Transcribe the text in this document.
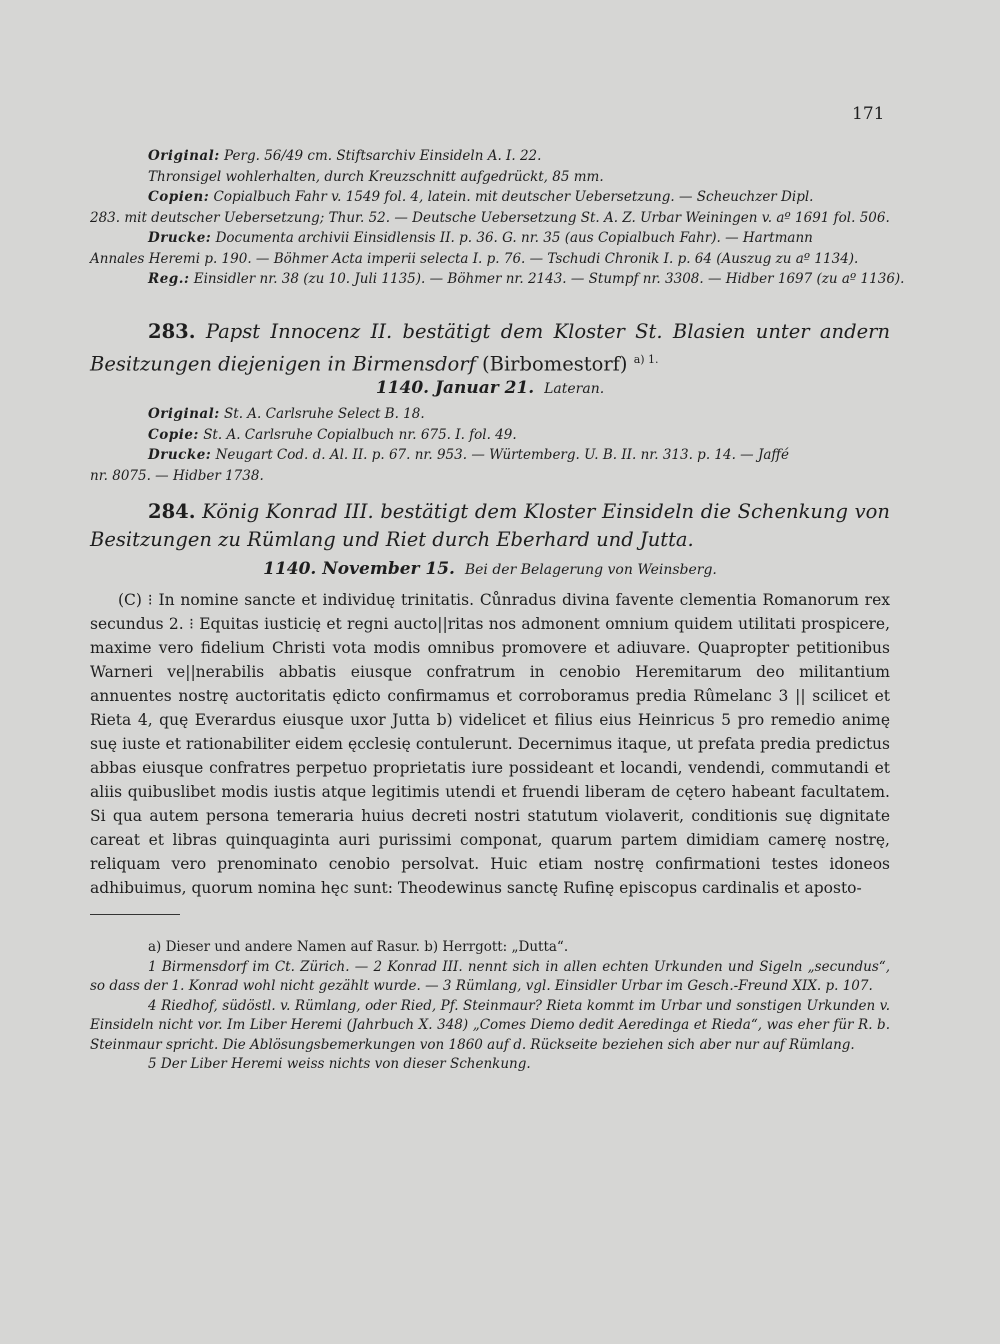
171
Original: Perg. 56/49 cm. Stiftsarchiv Einsideln A. I. 22.
Thronsigel wohlerhalten, durch Kreuzschnitt aufgedrückt, 85 mm.
Copien: Copialbuch Fahr v. 1549 fol. 4, latein. mit deutscher Uebersetzung. — Scheuchzer Dipl.
283. mit deutscher Uebersetzung; Thur. 52. — Deutsche Uebersetzung St. A. Z. Urbar Weiningen v. aº 1691 fol. 506.
Drucke: Documenta archivii Einsidlensis II. p. 36. G. nr. 35 (aus Copialbuch Fahr). — Hartmann
Annales Heremi p. 190. — Böhmer Acta imperii selecta I. p. 76. — Tschudi Chronik I. p. 64 (Auszug zu aº 1134).
Reg.: Einsidler nr. 38 (zu 10. Juli 1135). — Böhmer nr. 2143. — Stumpf nr. 3308. — Hidber 1697 (zu aº 1136).
283. Papst Innocenz II. bestätigt dem Kloster St. Blasien unter andern Besitzungen diejenigen in Birmensdorf (Birbomestorf) $^{a) 1.}$
1140. Januar 21. Lateran.
Original: St. A. Carlsruhe Select B. 18.
Copie: St. A. Carlsruhe Copialbuch nr. 675. I. fol. 49.
Drucke: Neugart Cod. d. Al. II. p. 67. nr. 953. — Würtemberg. U. B. II. nr. 313. p. 14. — Jaffé
nr. 8075. — Hidber 1738.
284. König Konrad III. bestätigt dem Kloster Einsideln die Schenkung von Besitzungen zu Rümlang und Riet durch Eberhard und Jutta.
1140. November 15. Bei der Belagerung von Weinsberg.
(C) ⁝ In nomine sancte et individuę trinitatis. Cůnradus divina favente clementia Romanorum rex secundus 2. ⁝ Equitas iusticię et regni aucto||ritas nos admonent omnium quidem utilitati prospicere, maxime vero fidelium Christi vota modis omnibus promovere et adiuvare. Quapropter petitionibus Warneri ve||nerabilis abbatis eiusque confratrum in cenobio Heremitarum deo militantium annuentes nostrę auctoritatis ędicto confirmamus et corroboramus predia Rûmelanc 3 || scilicet et Rieta 4, quę Everardus eiusque uxor Jutta b) videlicet et filius eius Heinricus 5 pro remedio animę suę iuste et rationabiliter eidem ęcclesię contulerunt. Decernimus itaque, ut prefata predia predictus abbas eiusque confratres perpetuo proprietatis iure possideant et locandi, vendendi, commutandi et aliis quibuslibet modis iustis atque legitimis utendi et fruendi liberam de cętero habeant facultatem. Si qua autem persona temeraria huius decreti nostri statutum violaverit, conditionis suę dignitate careat et libras quinquaginta auri purissimi componat, quarum partem dimidiam camerę nostrę, reliquam vero prenominato cenobio persolvat. Huic etiam nostrę confirmationi testes idoneos adhibuimus, quorum nomina hęc sunt: Theodewinus sanctę Rufinę episcopus cardinalis et aposto-

a) Dieser und andere Namen auf Rasur. b) Herrgott: „Dutta“.

1 Birmensdorf im Ct. Zürich. — 2 Konrad III. nennt sich in allen echten Urkunden und Sigeln „secundus“, so dass der 1. Konrad wohl nicht gezählt wurde. — 3 Rümlang, vgl. Einsidler Urbar im Gesch.-Freund XIX. p. 107.

4 Riedhof, südöstl. v. Rümlang, oder Ried, Pf. Steinmaur? Rieta kommt im Urbar und sonstigen Urkunden v. Einsideln nicht vor. Im Liber Heremi (Jahrbuch X. 348) „Comes Diemo dedit Aeredinga et Rieda“, was eher für R. b. Steinmaur spricht. Die Ablösungsbemerkungen von 1860 auf d. Rückseite beziehen sich aber nur auf Rümlang.

5 Der Liber Heremi weiss nichts von dieser Schenkung.
